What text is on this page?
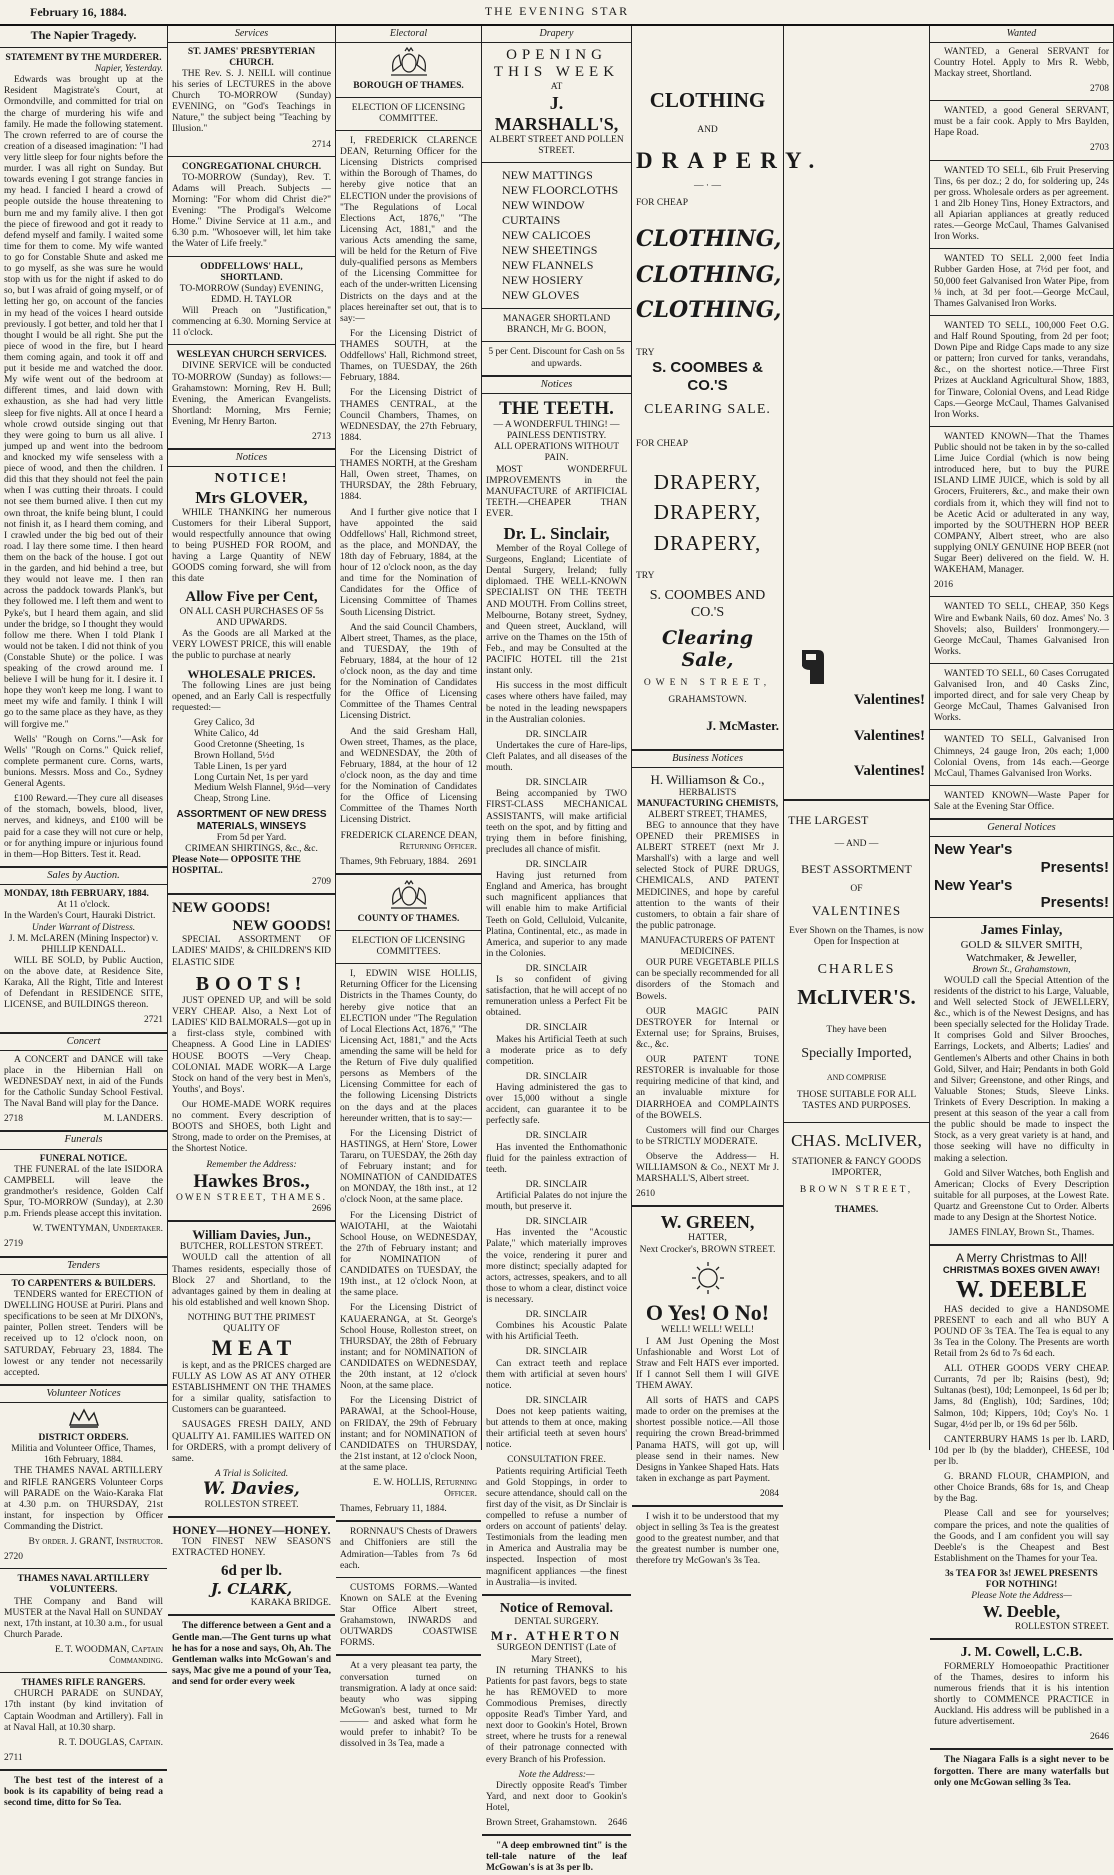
February 16, 1884.	THE EVENING STAR
The Napier Tragedy.
STATEMENT BY THE MURDERER.
Napier, Yesterday.

Edwards was brought up at the Resident Magistrate's Court, at Ormondville, and committed for trial on the charge of murdering his wife and family. He made the following statement. The crown referred to are of course the creation of a diseased imagination: "I had very little sleep for four nights before the murder. I was all right on Sunday. But towards evening I got strange fancies in my head. I fancied I heard a crowd of people outside the house threatening to burn me and my family alive. I then got the piece of firewood and got it ready to defend myself and family. I waited some time for them to come. My wife wanted to go for Constable Shute and asked me to go myself, as she was sure he would stop with us for the night if asked to do so, but I was afraid of going myself, or of letting her go, on account of the fancies in my head of the voices I heard outside previously. I got better, and told her that I thought I would be all right. She put the piece of wood in the fire, but I heard them coming again, and took it off and put it beside me and watched the door. My wife went out of the bedroom at different times, and laid down with exhaustion, as she had had very little sleep for five nights. All at once I heard a whole crowd outside singing out that they were going to burn us all alive. I jumped up and went into the bedroom and knocked my wife senseless with a piece of wood, and then the children. I did this that they should not feel the pain when I was cutting their throats. I could not see them burned alive. I then cut my own throat, the knife being blunt, I could not finish it, as I heard them coming, and I crawled under the big bed out of their road. I lay there some time. I then heard them on the back of the house. I got out in the garden, and hid behind a tree, but they would not leave me. I then ran across the paddock towards Plank's, but they followed me. I left them and went to Pyke's, but I heard them again, and slid under the bridge, so I thought they would follow me there. When I told Plank I would not be taken. I did not think of you (Constable Shute) or the police. I was speaking of the crowd around me. I believe I will be hung for it. I desire it. I hope they won't keep me long. I want to meet my wife and family. I think I will go to the same place as they have, as they will forgive me."

Wells' "Rough on Corns."—Ask for Wells' "Rough on Corns." Quick relief, complete permanent cure. Corns, warts, bunions. Messrs. Moss and Co., Sydney General Agents.

£100 Reward.—They cure all diseases of the stomach, bowels, blood, liver, nerves, and kidneys, and £100 will be paid for a case they will not cure or help, or for anything impure or injurious found in them—Hop Bitters. Test it. Read.

Sales by Auction.
MONDAY, 18th FEBRUARY, 1884.
At 11 o'clock.
In the Warden's Court, Hauraki District.
Under Warrant of Distress.
J. M. McLAREN (Mining Inspector) v. PHILLIP KENDALL.

WILL BE SOLD, by Public Auction, on the above date, at Residence Site, Karaka, All the Right, Title and Interest of Defendant in RESIDENCE SITE, LICENSE, and BUILDINGS thereon.

2721
Concert

A CONCERT and DANCE will take place in the Hibernian Hall on WEDNESDAY next, in aid of the Funds for the Catholic Sunday School Festival. The Naval Band will play for the Dance.

2718	M. LANDERS.
Funerals
FUNERAL NOTICE.

THE FUNERAL of the late ISIDORA CAMPBELL will leave the grandmother's residence, Golden Calf Spur, TO-MORROW (Sunday), at 2.30 p.m. Friends please accept this invitation.

W. TWENTYMAN, Undertaker.
2719
Tenders
TO CARPENTERS & BUILDERS.

TENDERS wanted for ERECTION of DWELLING HOUSE at Puriri. Plans and specifications to be seen at Mr DIXON's, painter, Pollen street. Tenders will be received up to 12 o'clock noon, on SATURDAY, February 23, 1884. The lowest or any tender not necessarily accepted.

Volunteer Notices
DISTRICT ORDERS.
Militia and Volunteer Office, Thames, 16th February, 1884.

THE THAMES NAVAL ARTILLERY and RIFLE RANGERS Volunteer Corps will PARADE on the Waio-Karaka Flat at 4.30 p.m. on THURSDAY, 21st instant, for inspection by Officer Commanding the District.

By order. J. GRANT, Instructor.
2720
THAMES NAVAL ARTILLERY VOLUNTEERS.

THE Company and Band will MUSTER at the Naval Hall on SUNDAY next, 17th instant, at 10.30 a.m., for usual Church Parade.

E. T. WOODMAN, Captain Commanding.
THAMES RIFLE RANGERS.

CHURCH PARADE on SUNDAY, 17th instant (by kind invitation of Captain Woodman and Artillery). Fall in at Naval Hall, at 10.30 sharp.

R. T. DOUGLAS, Captain.
2711

The best test of the interest of a book is its capability of being read a second time, ditto for So Tea.

Services
ST. JAMES' PRESBYTERIAN CHURCH.

THE Rev. S. J. NEILL will continue his series of LECTURES in the above Church TO-MORROW (Sunday) EVENING, on "God's Teachings in Nature," the subject being "Teaching by Illusion."

2714
CONGREGATIONAL CHURCH.

TO-MORROW (Sunday), Rev. T. Adams will Preach. Subjects — Morning: "For whom did Christ die?" Evening: "The Prodigal's Welcome Home." Divine Service at 11 a.m., and 6.30 p.m. "Whosoever will, let him take the Water of Life freely."

ODDFELLOWS' HALL, SHORTLAND.
TO-MORROW (Sunday) EVENING, EDMD. H. TAYLOR

Will Preach on "Justification," commencing at 6.30. Morning Service at 11 o'clock.

WESLEYAN CHURCH SERVICES.

DIVINE SERVICE will be conducted TO-MORROW (Sunday) as follows:— Grahamstown: Morning, Rev H. Bull; Evening, the American Evangelists. Shortland: Morning, Mrs Fernie; Evening, Mr Henry Barton.

2713
Notices
NOTICE!
Mrs GLOVER,

WHILE THANKING her numerous Customers for their Liberal Support, would respectfully announce that owing to being PUSHED FOR ROOM, and having a Large Quantity of NEW GOODS coming forward, she will from this date

Allow Five per Cent,
ON ALL CASH PURCHASES OF 5s AND UPWARDS.

As the Goods are all Marked at the VERY LOWEST PRICE, this will enable the public to purchase at nearly

WHOLESALE PRICES.

The following Lines are just being opened, and an Early Call is respectfully requested:—

Grey Calico, 3d
White Calico, 4d
Good Cretonne (Sheeting, 1s
Brown Holland, 5½d
Table Linen, 1s per yard
Long Curtain Net, 1s per yard
Medium Welsh Flannel, 9½d—very Cheap, Strong Line.
ASSORTMENT OF NEW DRESS MATERIALS, WINSEYS
From 5d per Yard.
CRIMEAN SHIRTINGS, &c., &c.
Please Note— OPPOSITE THE HOSPITAL.
2709
NEW GOODS!
NEW GOODS!

SPECIAL ASSORTMENT OF LADIES' MAIDS', & CHILDREN'S KID ELASTIC SIDE

BOOTS!

JUST OPENED UP, and will be sold VERY CHEAP. Also, a Next Lot of LADIES' KID BALMORALS—got up in a first-class style, combined with Cheapness. A Good Line in LADIES' HOUSE BOOTS —Very Cheap. COLONIAL MADE WORK—A Large Stock on hand of the very best in Men's, Youths', and Boys'.

Our HOME-MADE WORK requires no comment. Every description of BOOTS and SHOES, both Light and Strong, made to order on the Premises, at the Shortest Notice.

Remember the Address:
Hawkes Bros.,
OWEN STREET, THAMES.
2696
William Davies, Jun.,
BUTCHER, ROLLESTON STREET.

WOULD call the attention of all Thames residents, especially those of Block 27 and Shortland, to the advantages gained by them in dealing at his old established and well known Shop.

NOTHING BUT THE PRIMEST QUALITY OF
M E A T

is kept, and as the PRICES charged are FULLY AS LOW AS AT ANY OTHER ESTABLISHMENT ON THE THAMES for a similar quality, satisfaction to Customers can be guaranteed.

SAUSAGES FRESH DAILY, AND QUALITY A1. FAMILIES WAITED ON for ORDERS, with a prompt delivery of same.

A Trial is Solicited.
W. Davies,
ROLLESTON STREET.
HONEY—HONEY—HONEY.

TON FINEST NEW SEASON'S EXTRACTED HONEY.

6d per lb.
J. CLARK,
KARAKA BRIDGE.

The difference between a Gent and a Gentle man.—The Gent turns up what he has for a nose and says, Oh, Ah. The Gentleman walks into McGowan's and says, Mac give me a pound of your Tea, and send for order every week

Electoral
BOROUGH OF THAMES.
ELECTION OF LICENSING COMMITTEE.

I, FREDERICK CLARENCE DEAN, Returning Officer for the Licensing Districts comprised within the Borough of Thames, do hereby give notice that an ELECTION under the provisions of "The Regulations of Local Elections Act, 1876," "The Licensing Act, 1881," and the various Acts amending the same, will be held for the Return of Five duly-qualified persons as Members of the Licensing Committee for each of the under-written Licensing Districts on the days and at the places hereinafter set out, that is to say:—

For the Licensing District of THAMES SOUTH, at the Oddfellows' Hall, Richmond street, Thames, on TUESDAY, the 26th February, 1884.

For the Licensing District of THAMES CENTRAL, at the Council Chambers, Thames, on WEDNESDAY, the 27th February, 1884.

For the Licensing District of THAMES NORTH, at the Gresham Hall, Owen street, Thames, on THURSDAY, the 28th February, 1884.

And I further give notice that I have appointed the said Oddfellows' Hall, Richmond street, as the place, and MONDAY, the 18th day of February, 1884, at the hour of 12 o'clock noon, as the day and time for the Nomination of Candidates for the Office of Licensing Committee of Thames South Licensing District.

And the said Council Chambers, Albert street, Thames, as the place, and TUESDAY, the 19th of February, 1884, at the hour of 12 o'clock noon, as the day and time for the Nomination of Candidates for the Office of Licensing Committee of the Thames Central Licensing District.

And the said Gresham Hall, Owen street, Thames, as the place, and WEDNESDAY, the 20th of February, 1884, at the hour of 12 o'clock noon, as the day and time for the Nomination of Candidates for the Office of Licensing Committee of the Thames North Licensing District.

FREDERICK CLARENCE DEAN, Returning Officer.
Thames, 9th February, 1884. 2691
COUNTY OF THAMES.
ELECTION OF LICENSING COMMITTEES.

I, EDWIN WISE HOLLIS, Returning Officer for the Licensing Districts in the Thames County, do hereby give notice that an ELECTION under "The Regulation of Local Elections Act, 1876," "The Licensing Act, 1881," and the Acts amending the same will be held for the Return of Five duly qualified persons as Members of the Licensing Committee for each of the following Licensing Districts on the days and at the places hereunder written, that is to say:—

For the Licensing District of HASTINGS, at Hern' Store, Lower Tararu, on TUESDAY, the 26th day of February instant; and for NOMINATION of CANDIDATES on MONDAY, the 18th inst., at 12 o'clock Noon, at the same place.

For the Licensing District of WAIOTAHI, at the Waiotahi School House, on WEDNESDAY, the 27th of February instant; and for NOMINATION of CANDIDATES on TUESDAY, the 19th inst., at 12 o'clock Noon, at the same place.

For the Licensing District of KAUAERANGA, at St. George's School House, Rolleston street, on THURSDAY, the 28th of February instant; and for NOMINATION of CANDIDATES on WEDNESDAY, the 20th instant, at 12 o'clock Noon, at the same place.

For the Licensing District of PARAWAI, at the School-House, on FRIDAY, the 29th of February instant; and for NOMINATION of CANDIDATES on THURSDAY, the 21st instant, at 12 o'clock Noon, at the same place.

E. W. HOLLIS, Returning Officer.
Thames, February 11, 1884.

RORNNAU'S Chests of Drawers and Chiffoniers are still the Admiration—Tables from 7s 6d each.

CUSTOMS FORMS.—Wanted Known on SALE at the Evening Star Office Albert street, Grahamstown, INWARDS and OUTWARDS COASTWISE FORMS.

At a very pleasant tea party, the conversation turned on transmigration. A lady at once said: beauty who was sipping McGowan's best, turned to Mr ——— and asked what form he would prefer to inhabit? To be dissolved in 3s Tea, made a

Drapery
OPENING THIS WEEK
AT
J. MARSHALL'S,
ALBERT STREET AND POLLEN STREET.
NEW MATTINGS
NEW FLOORCLOTHS
NEW WINDOW CURTAINS
NEW CALICOES
NEW SHEETINGS
NEW FLANNELS
NEW HOSIERY
NEW GLOVES
MANAGER SHORTLAND BRANCH, Mr G. BOON,
5 per Cent. Discount for Cash on 5s and upwards.
Notices
THE TEETH.
— A WONDERFUL THING! —
PAINLESS DENTISTRY.
ALL OPERATIONS WITHOUT PAIN.

MOST WONDERFUL IMPROVEMENTS in the MANUFACTURE of ARTIFICIAL TEETH.—CHEAPER THAN EVER.

Dr. L. Sinclair,

Member of the Royal College of Surgeons, England; Licentiate of Dental Surgery, Ireland; fully diplomaed. THE WELL-KNOWN SPECIALIST ON THE TEETH AND MOUTH. From Collins street, Melbourne, Botany street, Sydney, and Queen street, Auckland, will arrive on the Thames on the 15th of Feb., and may be Consulted at the PACIFIC HOTEL till the 21st instant only.

His success in the most difficult cases where others have failed, may be noted in the leading newspapers in the Australian colonies.

DR. SINCLAIR

Undertakes the cure of Hare-lips, Cleft Palates, and all diseases of the mouth.

DR. SINCLAIR

Being accompanied by TWO FIRST-CLASS MECHANICAL ASSISTANTS, will make artificial teeth on the spot, and by fitting and trying them in before finishing, precludes all chance of misfit.

DR. SINCLAIR

Having just returned from England and America, has brought such magnificent appliances that will enable him to make Artificial Teeth on Gold, Celluloid, Vulcanite, Platina, Continental, etc., as made in America, and superior to any made in the Colonies.

DR. SINCLAIR

Is so confident of giving satisfaction, that he will accept of no remuneration unless a Perfect Fit be obtained.

DR. SINCLAIR

Makes his Artificial Teeth at such a moderate price as to defy competition.

DR. SINCLAIR

Having administered the gas to over 15,000 without a single accident, can guarantee it to be perfectly safe.

DR. SINCLAIR

Has invented the Enthomathonic fluid for the painless extraction of teeth.

DR. SINCLAIR

Artificial Palates do not injure the mouth, but preserve it.

DR. SINCLAIR

Has invented the "Acoustic Palate," which materially improves the voice, rendering it purer and more distinct; specially adapted for actors, actresses, speakers, and to all those to whom a clear, distinct voice is necessary.

DR. SINCLAIR

Combines his Acoustic Palate with his Artificial Teeth.

DR. SINCLAIR

Can extract teeth and replace them with artificial at seven hours' notice.

DR. SINCLAIR

Does not keep patients waiting, but attends to them at once, making their artificial teeth at seven hours' notice.

CONSULTATION FREE.

Patients requiring Artificial Teeth and Gold Stoppings, in order to secure attendance, should call on the first day of the visit, as Dr Sinclair is compelled to refuse a number of orders on account of patients' delay. Testimonials from the leading men in America and Australia may be inspected. Inspection of most magnificent appliances —the finest in Australia—is invited.

Notice of Removal.
DENTAL SURGERY.
Mr. ATHERTON
SURGEON DENTIST (Late of Mary Street),

IN returning THANKS to his Patients for past favors, begs to state he has REMOVED to more Commodious Premises, directly opposite Read's Timber Yard, and next door to Gookin's Hotel, Brown street, where he trusts for a renewal of their patronage connected with every Branch of his Profession.

Note the Address:—

Directly opposite Read's Timber Yard, and next door to Gookin's Hotel,

Brown Street, Grahamstown. 2646

"A deep embrowned tint" is the tell-tale nature of the leaf McGowan's is at 3s per lb.

CLOTHING
AND
DRAPERY.
— · —
FOR CHEAP
CLOTHING,
CLOTHING,
CLOTHING,
TRY
S. COOMBES & CO.'S
CLEARING SALE.
FOR CHEAP
DRAPERY,
DRAPERY,
DRAPERY,
TRY
S. COOMBES AND CO.'S
Clearing Sale,
OWEN STREET,
GRAHAMSTOWN.
J. McMaster.
Business Notices
H. Williamson & Co.,
HERBALISTS
MANUFACTURING CHEMISTS,
ALBERT STREET, THAMES,

BEG to announce that they have OPENED their PREMISES in ALBERT STREET (next Mr J. Marshall's) with a large and well selected Stock of PURE DRUGS, CHEMICALS, AND PATENT MEDICINES, and hope by careful attention to the wants of their customers, to obtain a fair share of the public patronage.

MANUFACTURERS OF PATENT MEDICINES.

OUR PURE VEGETABLE PILLS can be specially recommended for all disorders of the Stomach and Bowels.

OUR MAGIC PAIN DESTROYER for Internal or External use; for Sprains, Bruises, &c., &c.

OUR PATENT TONE RESTORER is invaluable for those requiring medicine of that kind, and an invaluable mixture for DIARRHOEA and COMPLAINTS of the BOWELS.

Customers will find our Charges to be STRICTLY MODERATE.

Observe the Address— H. WILLIAMSON & Co., NEXT Mr J. MARSHALL'S, Albert street.

2610
W. GREEN,
HATTER,
Next Crocker's, BROWN STREET.
O Yes! O No!
WELL! WELL! WELL!

I AM Just Opening the Most Unfashionable and Worst Lot of Straw and Felt HATS ever imported. If I cannot Sell them I will GIVE THEM AWAY.

All sorts of HATS and CAPS made to order on the premises at the shortest possible notice.—All those requiring the crown Bread-brimmed Panama HATS, will got up, will please send in their names. New Designs in Yankee Shaped Hats. Hats taken in exchange as part Payment.

2084

I wish it to be understood that my object in selling 3s Tea is the greatest good to the greatest number, and that the greatest number is number one, therefore try McGowan's 3s Tea.

Valentines!
Valentines!
Valentines!
THE LARGEST
— AND —
BEST ASSORTMENT
OF
VALENTINES
Ever Shown on the Thames, is now Open for Inspection at
CHARLES
McLIVER'S.
They have been
Specially Imported,
AND COMPRISE
THOSE SUITABLE FOR ALL TASTES AND PURPOSES.
CHAS. McLIVER,
STATIONER & FANCY GOODS IMPORTER,
BROWN STREET,
THAMES.
Wanted

WANTED, a General SERVANT for Country Hotel. Apply to Mrs R. Webb, Mackay street, Shortland.

2708

WANTED, a good General SERVANT, must be a fair cook. Apply to Mrs Baylden, Hape Road.

2703

WANTED TO SELL, 6lb Fruit Preserving Tins, 6s per doz.; 2 do, for soldering up, 24s per gross. Wholesale orders as per agreement. 1 and 2lb Honey Tins, Honey Extractors, and all Apiarian appliances at greatly reduced rates.—George McCaul, Thames Galvanised Iron Works.

WANTED TO SELL 2,000 feet India Rubber Garden Hose, at 7½d per foot, and 50,000 feet Galvanised Iron Water Pipe, from ⅛ inch, at 3d per foot.—George McCaul, Thames Galvanised Iron Works.

WANTED TO SELL, 100,000 Feet O.G. and Half Round Spouting, from 2d per foot; Down Pipe and Ridge Caps made to any size or pattern; Iron curved for tanks, verandahs, &c., on the shortest notice.—Three First Prizes at Auckland Agricultural Show, 1883, for Tinware, Colonial Ovens, and Lead Ridge Caps.—George McCaul, Thames Galvanised Iron Works.

WANTED KNOWN—That the Thames Public should not be taken in by the so-called Lime Juice Cordial (which is now being introduced here, but to buy the PURE ISLAND LIME JUICE, which is sold by all Grocers, Fruiterers, &c., and make their own cordials from it, which they will find not to be Acetic Acid or adulterated in any way, imported by the SOUTHERN HOP BEER COMPANY, Albert street, who are also supplying ONLY GENUINE HOP BEER (not Sugar Beer) delivered on the field. W. H. WAKEHAM, Manager.

2016

WANTED TO SELL, CHEAP, 350 Kegs Wire and Ewbank Nails, 60 doz. Ames' No. 3 Shovels; also, Builders' Ironmongery.—George McCaul, Thames Galvanised Iron Works.

WANTED TO SELL, 60 Cases Corrugated Galvanised Iron, and 40 Casks Zinc, imported direct, and for sale very Cheap by George McCaul, Thames Galvanised Iron Works.

WANTED TO SELL, Galvanised Iron Chimneys, 24 gauge Iron, 20s each; 1,000 Colonial Ovens, from 14s each.—George McCaul, Thames Galvanised Iron Works.

WANTED KNOWN—Waste Paper for Sale at the Evening Star Office.

General Notices
New Year's
Presents!
New Year's
Presents!
James Finlay,
GOLD & SILVER SMITH, Watchmaker, & Jeweller,
Brown St., Grahamstown,

WOULD call the Special Attention of the residents of the district to his Large, Valuable, and Well selected Stock of JEWELLERY, &c., which is of the Newest Designs, and has been specially selected for the Holiday Trade. It comprises Gold and Silver Brooches, Earrings, Lockets, and Alberts; Ladies' and Gentlemen's Alberts and other Chains in both Gold, Silver, and Hair; Pendants in both Gold and Silver; Greenstone, and other Rings, and Valuable Stones; Studs, Sleeve Links. Trinkets of Every Description. In making a present at this season of the year a call from the public should be made to inspect the Stock, as a very great variety is at hand, and those seeking will have no difficulty in making a selection.

Gold and Silver Watches, both English and American; Clocks of Every Description suitable for all purposes, at the Lowest Rate. Quartz and Greenstone Cut to Order. Alberts made to any Design at the Shortest Notice.

JAMES FINLAY, Brown St., Thames.
A Merry Christmas to All!
CHRISTMAS BOXES GIVEN AWAY!
W. DEEBLE

HAS decided to give a HANDSOME PRESENT to each and all who BUY A POUND OF 3s TEA. The Tea is equal to any 3s Tea in the Colony. The Presents are worth Retail from 2s 6d to 7s 6d each.

ALL OTHER GOODS VERY CHEAP. Currants, 7d per lb; Raisins (best), 9d; Sultanas (best), 10d; Lemonpeel, 1s 6d per lb; Jams, 8d (English), 10d; Sardines, 10d; Salmon, 10d; Kippers, 10d; Coy's No. 1 Sugar, 4½d per lb, or 19s 6d per 56lb.

CANTERBURY HAMS 1s per lb. LARD, 10d per lb (by the bladder), CHEESE, 10d per lb.

G. BRAND FLOUR, CHAMPION, and other Choice Brands, 68s for 1s, and Cheap by the Bag.

Please Call and see for yourselves; compare the prices, and note the qualities of the Goods, and I am confident you will say Deeble's is the Cheapest and Best Establishment on the Thames for your Tea.

3s TEA FOR 3s! JEWEL PRESENTS FOR NOTHING!
Please Note the Address—
W. Deeble,
ROLLESTON STREET.
J. M. Cowell, L.C.B.

FORMERLY Homoeopathic Practitioner of the Thames, desires to inform his numerous friends that it is his intention shortly to COMMENCE PRACTICE in Auckland. His address will be published in a future advertisement.

2646

The Niagara Falls is a sight never to be forgotten. There are many waterfalls but only one McGowan selling 3s Tea.
